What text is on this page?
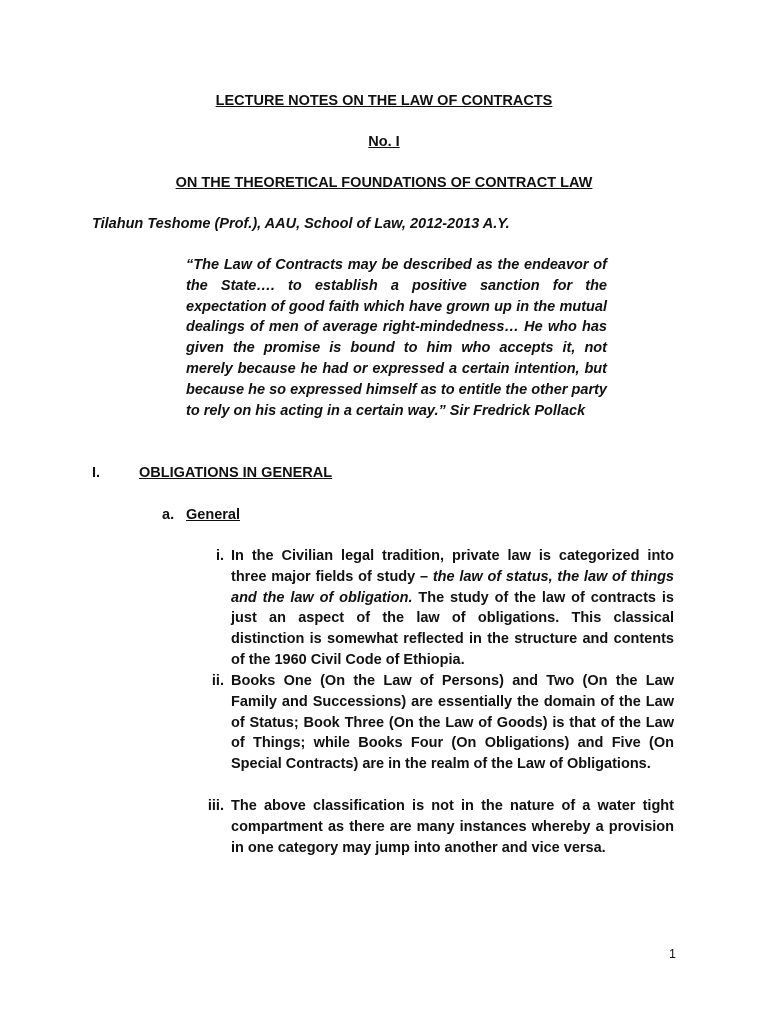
LECTURE NOTES ON THE LAW OF CONTRACTS
No. I
ON THE THEORETICAL FOUNDATIONS OF CONTRACT LAW
Tilahun Teshome (Prof.), AAU, School of Law, 2012-2013 A.Y.
“The Law of Contracts may be described as the endeavor of the State…. to establish a positive sanction for the expectation of good faith which have grown up in the mutual dealings of men of average right-mindedness… He who has given the promise is bound to him who accepts it, not merely because he had or expressed a certain intention, but because he so expressed himself as to entitle the other party to rely on his acting in a certain way.” Sir Fredrick Pollack
I.	OBLIGATIONS IN GENERAL
a. General
i. In the Civilian legal tradition, private law is categorized into three major fields of study – the law of status, the law of things and the law of obligation. The study of the law of contracts is just an aspect of the law of obligations. This classical distinction is somewhat reflected in the structure and contents of the 1960 Civil Code of Ethiopia.
ii. Books One (On the Law of Persons) and Two (On the Law Family and Successions) are essentially the domain of the Law of Status; Book Three (On the Law of Goods) is that of the Law of Things; while Books Four (On Obligations) and Five (On Special Contracts) are in the realm of the Law of Obligations.
iii. The above classification is not in the nature of a water tight compartment as there are many instances whereby a provision in one category may jump into another and vice versa.
1
